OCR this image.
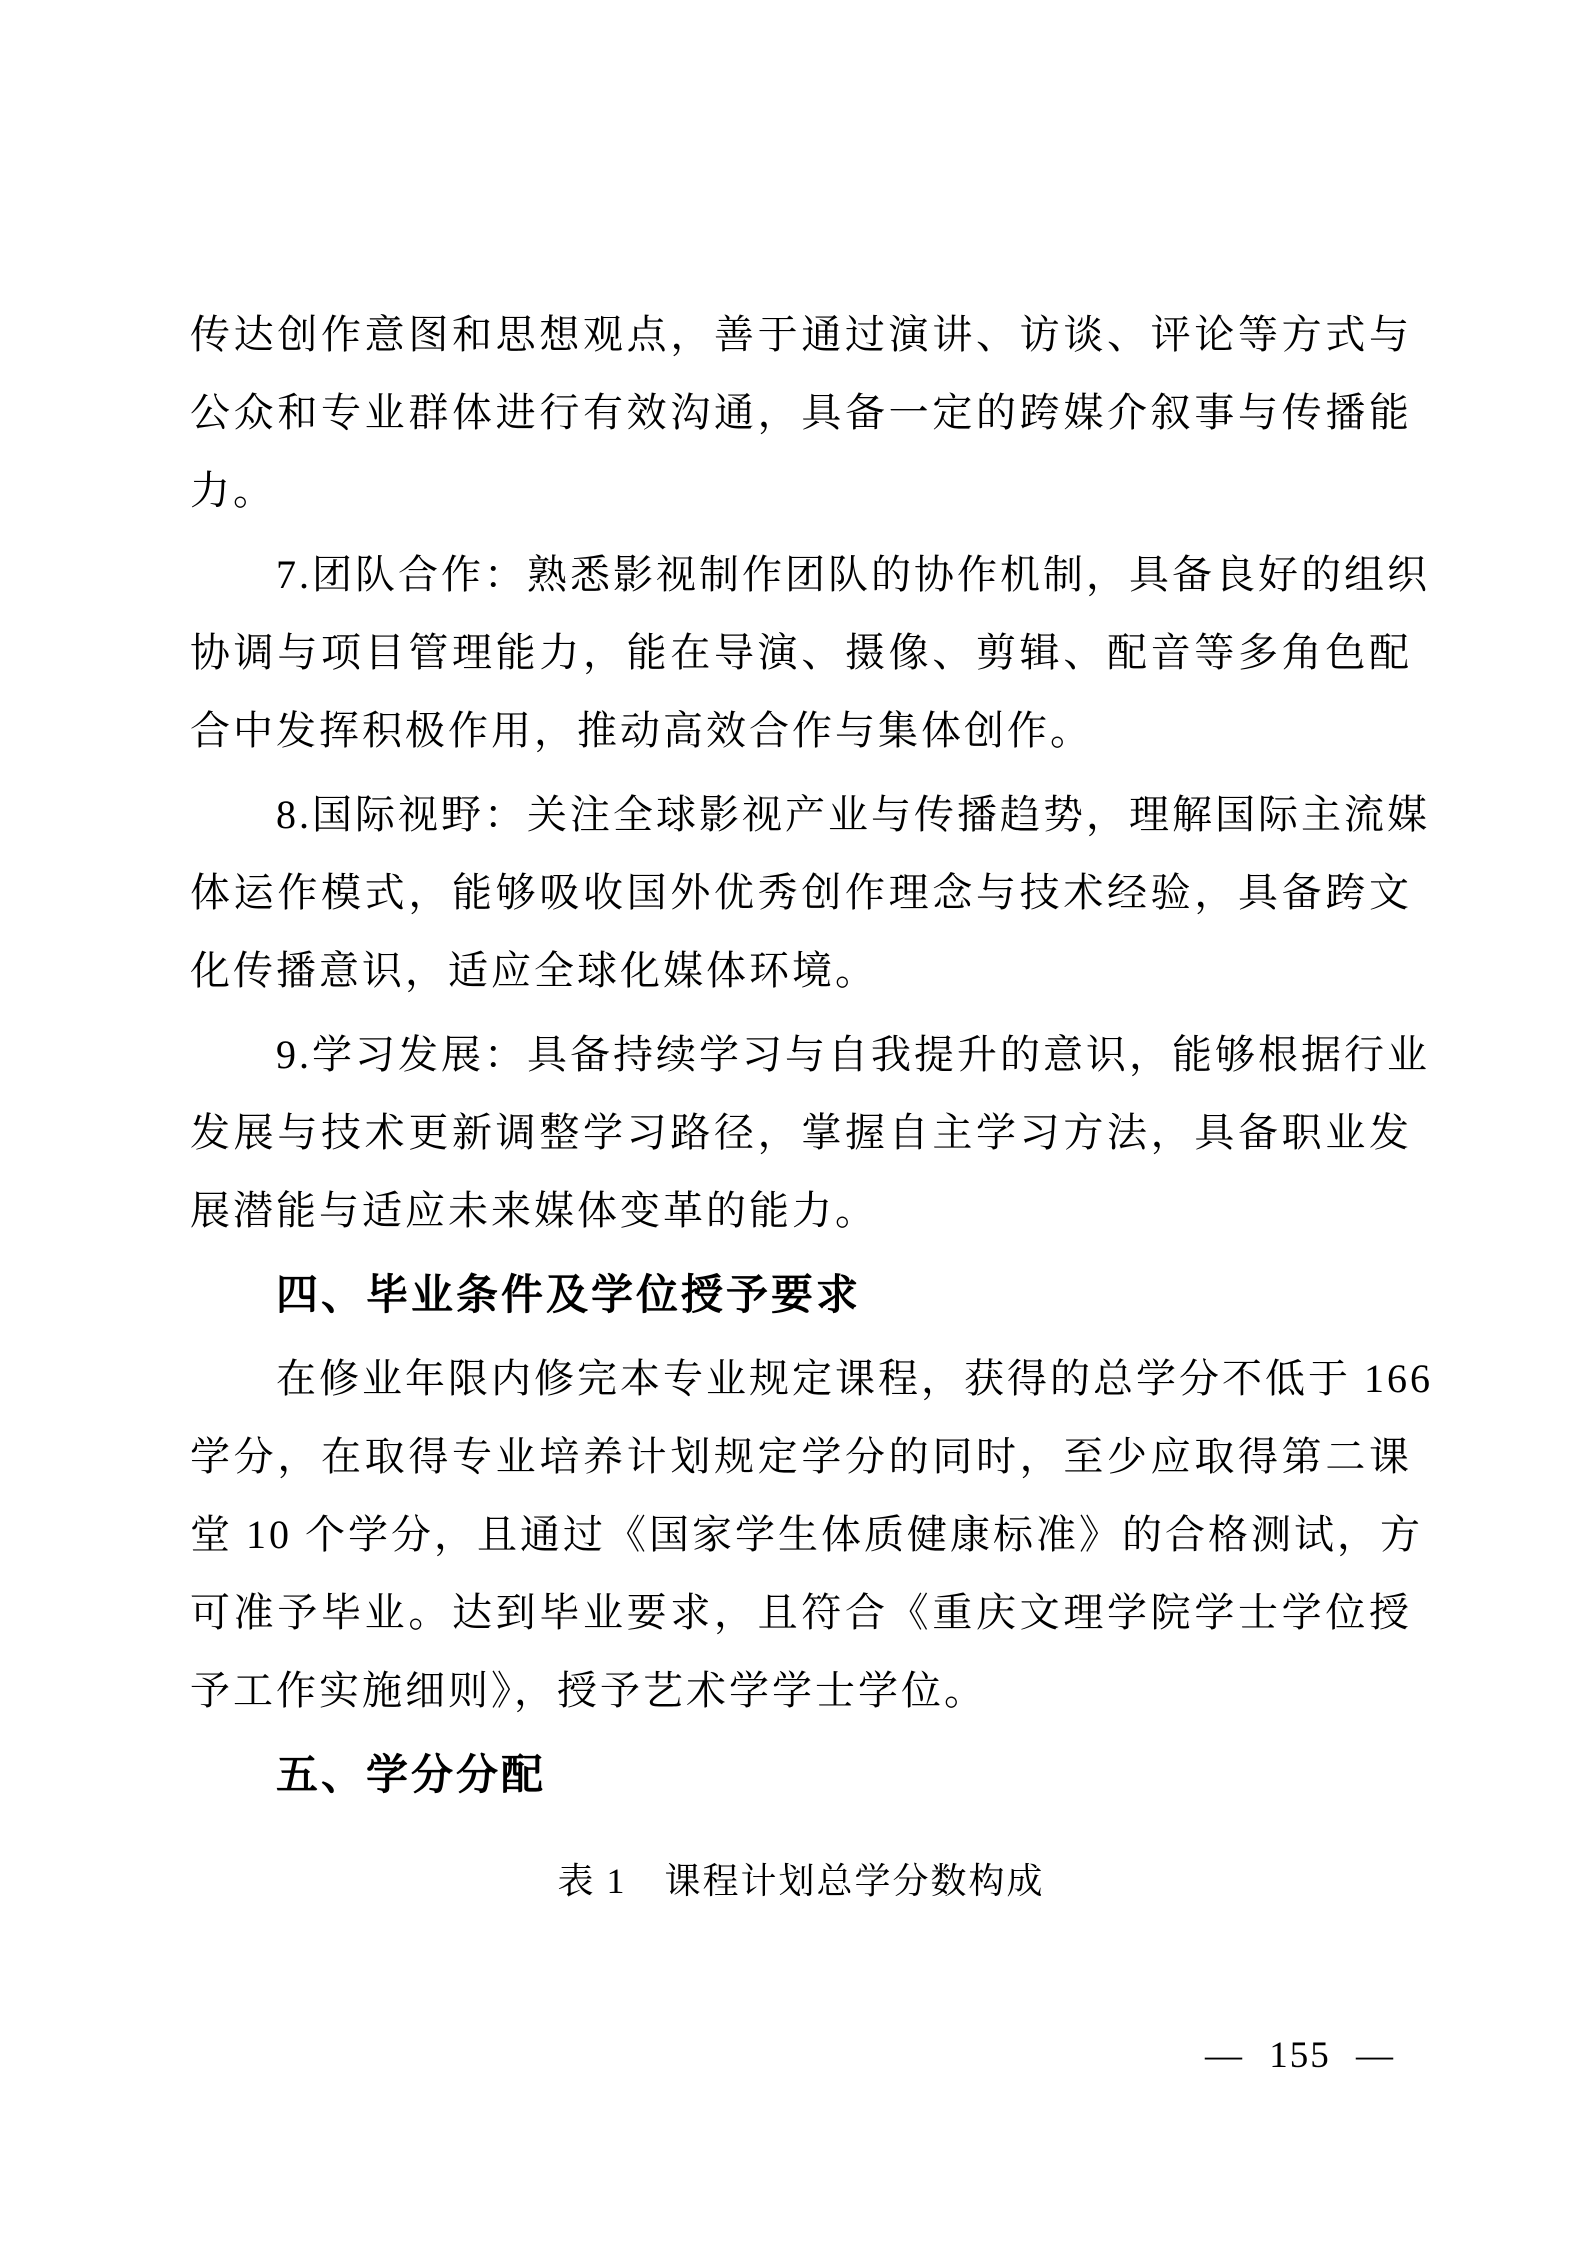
传达创作意图和思想观点，善于通过演讲、访谈、评论等方式与
公众和专业群体进行有效沟通，具备一定的跨媒介叙事与传播能
力。
7.团队合作：熟悉影视制作团队的协作机制，具备良好的组织
协调与项目管理能力，能在导演、摄像、剪辑、配音等多角色配
合中发挥积极作用，推动高效合作与集体创作。
8.国际视野：关注全球影视产业与传播趋势，理解国际主流媒
体运作模式，能够吸收国外优秀创作理念与技术经验，具备跨文
化传播意识，适应全球化媒体环境。
9.学习发展：具备持续学习与自我提升的意识，能够根据行业
发展与技术更新调整学习路径，掌握自主学习方法，具备职业发
展潜能与适应未来媒体变革的能力。
四、毕业条件及学位授予要求
在修业年限内修完本专业规定课程，获得的总学分不低于 166
学分，在取得专业培养计划规定学分的同时，至少应取得第二课
堂 10 个学分，且通过《国家学生体质健康标准》的合格测试，方
可准予毕业。达到毕业要求，且符合《重庆文理学院学士学位授
予工作实施细则》，授予艺术学学士学位。
五、学分分配
表 1　课程计划总学分数构成
— 155 —
